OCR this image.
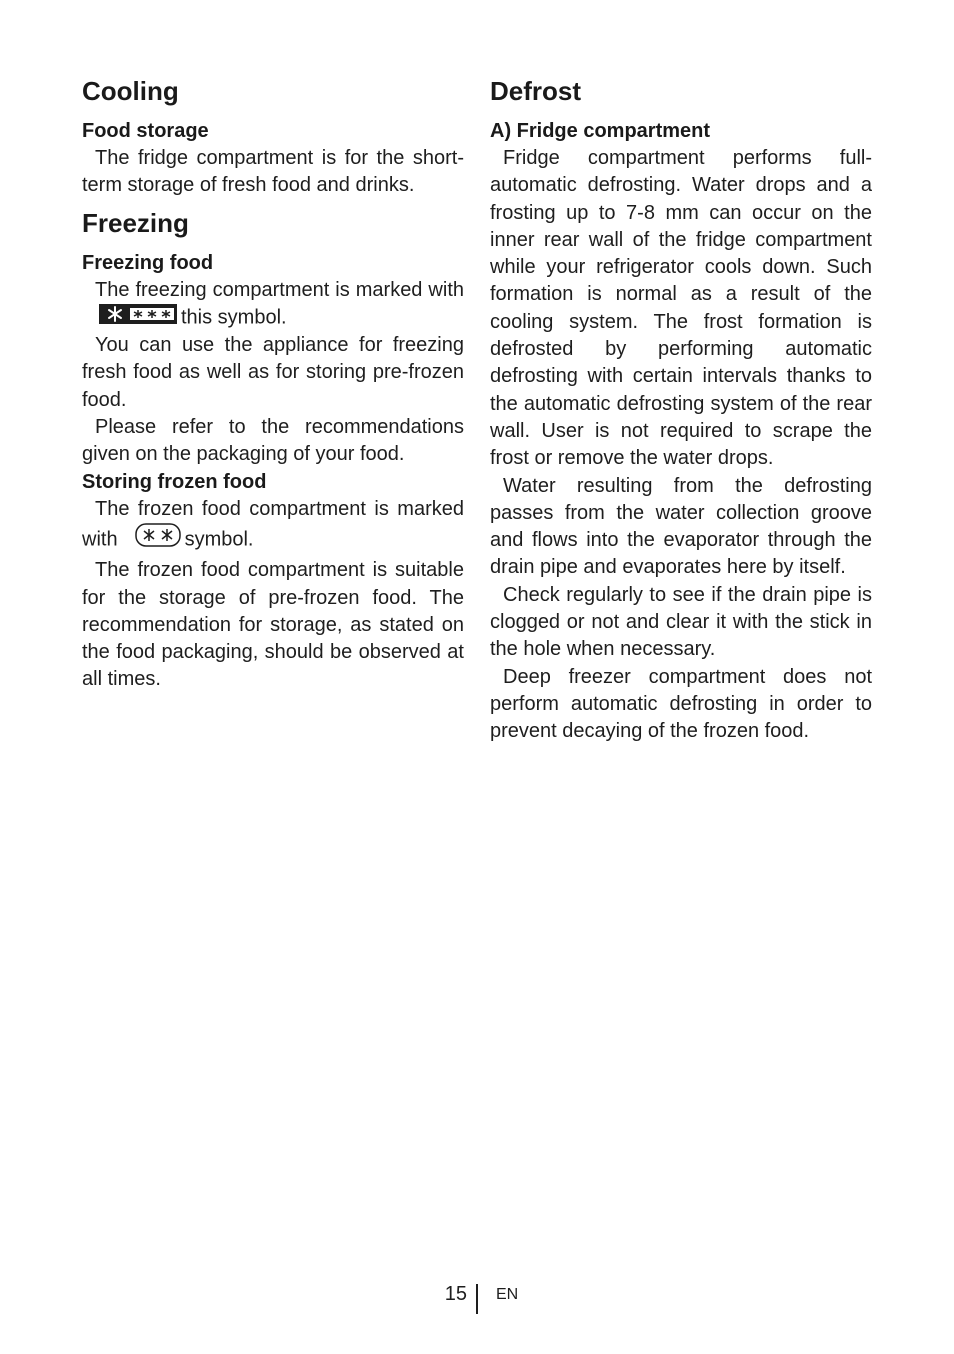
Cooling
Food storage

The fridge compartment is for the short-term storage of fresh food and drinks.

Freezing
Freezing food

The freezing compartment is marked withthis symbol.

You can use the appliance for freezing fresh food as well as for storing pre-frozen food.

Please refer to the recommendations given on the packaging of your food.

Storing frozen food

The frozen food compartment is marked with	symbol.

The frozen food compartment is suitable for the storage of pre-frozen food. The recommendation for storage, as stated on the food packaging, should be observed at all times.

Defrost
A) Fridge compartment

Fridge compartment performs full-automatic defrosting. Water drops and a frosting up to 7-8 mm can occur on the inner rear wall of the fridge compartment while your refrigerator cools down. Such formation is normal as a result of the cooling system. The frost formation is defrosted by performing automatic defrosting with certain intervals thanks to the automatic defrosting system of the rear wall. User is not required to scrape the frost or remove the water drops.

Water resulting from the defrosting passes from the water collection groove and flows into the evaporator through the drain pipe and evaporates here by itself.

Check regularly to see if the drain pipe is clogged or not and clear it with the stick in the hole when necessary.

Deep freezer compartment does not perform automatic defrosting in order to prevent decaying of the frozen food.

15 EN
